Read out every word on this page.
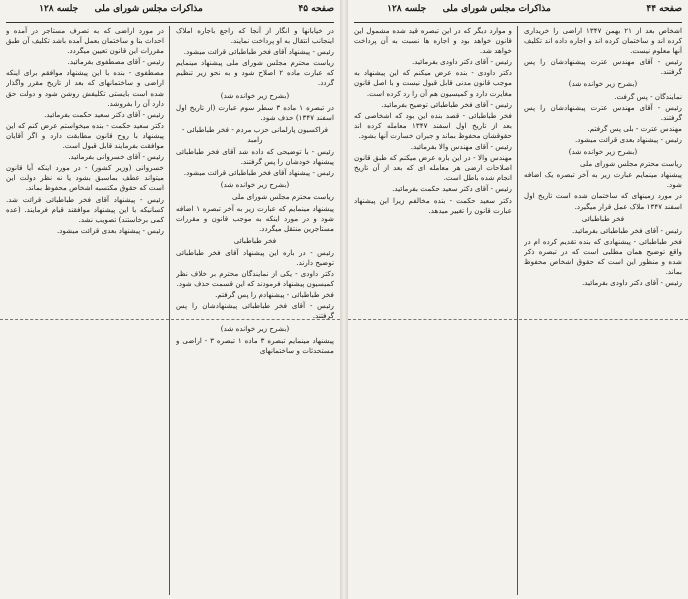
صفحه ۴۵
مذاکرات مجلس شورای ملی
جلسه ۱۲۸

در خیابانها و انگار از آنجا که راجع باجاره املاک اینجانب انتقال به او پرداخت نمایند.

رئیس - پیشنهاد آقای فخر طباطبائی قرائت میشود.

ریاست محترم مجلس شورای ملی پیشنهاد مینمایم که عبارت ماده ۲ اصلاح شود و به نحو زیر تنظیم گردد.

(بشرح زیر خوانده شد)

در تبصره ۱ ماده ۳ سطر سوم عبارت (از تاریخ اول اسفند ۱۳۴۷) حذف شود.

فراکسیون پارلمانی حزب مردم - فخر طباطبائی - رامبد

رئیس - با توضیحی که داده شد آقای فخر طباطبائی پیشنهاد خودشان را پس گرفتند.

رئیس - پیشنهاد آقای فخر طباطبائی قرائت میشود.

(بشرح زیر خوانده شد)

ریاست محترم مجلس شورای ملی

پیشنهاد مینمایم که عبارت زیر به آخر تبصره ۱ اضافه شود و در مورد اینکه به موجب قانون و مقررات مستاجرین منتقل میگردد.

فخر طباطبائی

رئیس - در باره این پیشنهاد آقای فخر طباطبائی توضیح دارند.

دکتر داودی - یکی از نمایندگان محترم بر خلاف نظر کمیسیون پیشنهاد فرمودند که این قسمت حذف شود.

فخر طباطبائی - پیشنهادم را پس گرفتم.

رئیس - آقای فخر طباطبائی پیشنهادشان را پس گرفتند.

(بشرح زیر خوانده شد)

پیشنهاد مینمایم تبصره ۳ ماده ۱ تبصره ۳ - اراضی و مستحدثات و ساختمانهای

در مورد اراضی که به تصرف مستاجر در آمده و احداث بنا و ساختمان بعمل آمده باشد تکلیف آن طبق مقررات این قانون تعیین میگردد.

رئیس - آقای مصطفوی بفرمائید.

مصطفوی - بنده با این پیشنهاد موافقم برای اینکه اراضی و ساختمانهای که بعد از تاریخ مقرر واگذار شده است بایستی تکلیفش روشن شود و دولت حق دارد آن را بفروشد.

رئیس - آقای دکتر سعید حکمت بفرمائید.

دکتر سعید حکمت - بنده میخواستم عرض کنم که این پیشنهاد با روح قانون مطابقت دارد و اگر آقایان موافقت بفرمایند قابل قبول است.

رئیس - آقای خسروانی بفرمائید.

خسروانی (وزیر کشور) - در مورد اینکه آیا قانون میتواند عطف بماسبق بشود یا نه نظر دولت این است که حقوق مکتسبه اشخاص محفوظ بماند.

رئیس - پیشنهاد آقای فخر طباطبائی قرائت شد. کسانیکه با این پیشنهاد موافقند قیام فرمایند. (عده کمی برخاستند) تصویب نشد.

رئیس - پیشنهاد بعدی قرائت میشود.

صفحه ۴۴
مذاکرات مجلس شورای ملی
جلسه ۱۲۸

اشخاص بعد از ۲۱ بهمن ۱۳۴۷ اراضی را خریداری کرده اند و ساختمان کرده اند و اجاره داده اند تکلیف آنها معلوم نیست.

رئیس - آقای مهندس عترت پیشنهادشان را پس گرفتند.

(بشرح زیر خوانده شد)

نمایندگان - پس گرفت.

رئیس - آقای مهندس عترت پیشنهادشان را پس گرفتند.

مهندس عترت - بلی پس گرفتم.

رئیس - پیشنهاد بعدی قرائت میشود.

(بشرح زیر خوانده شد)

ریاست محترم مجلس شورای ملی

پیشنهاد مینمایم عبارت زیر به آخر تبصره یک اضافه شود.

در مورد زمینهای که ساختمان شده است تاریخ اول اسفند ۱۳۴۷ ملاک عمل قرار میگیرد.

فخر طباطبائی

رئیس - آقای فخر طباطبائی بفرمائید.

فخر طباطبائی - پیشنهادی که بنده تقدیم کرده ام در واقع توضیح همان مطلبی است که در تبصره ذکر شده و منظور این است که حقوق اشخاص محفوظ بماند.

رئیس - آقای دکتر داودی بفرمائید.

و موارد دیگر که در این تبصره قید شده مشمول این قانون خواهد بود و اجاره ها نسبت به آن پرداخت خواهد شد.

رئیس - آقای دکتر داودی بفرمائید.

دکتر داودی - بنده عرض میکنم که این پیشنهاد به موجب قانون مدنی قابل قبول نیست و با اصل قانون مغایرت دارد و کمیسیون هم آن را رد کرده است.

رئیس - آقای فخر طباطبائی توضیح بفرمائید.

فخر طباطبائی - قصد بنده این بود که اشخاصی که بعد از تاریخ اول اسفند ۱۳۴۷ معامله کرده اند حقوقشان محفوظ بماند و جبران خسارت آنها بشود.

رئیس - آقای مهندس والا بفرمائید.

مهندس والا - در این باره عرض میکنم که طبق قانون اصلاحات ارضی هر معامله ای که بعد از آن تاریخ انجام شده باطل است.

رئیس - آقای دکتر سعید حکمت بفرمائید.

دکتر سعید حکمت - بنده مخالفم زیرا این پیشنهاد عبارت قانون را تغییر میدهد.
